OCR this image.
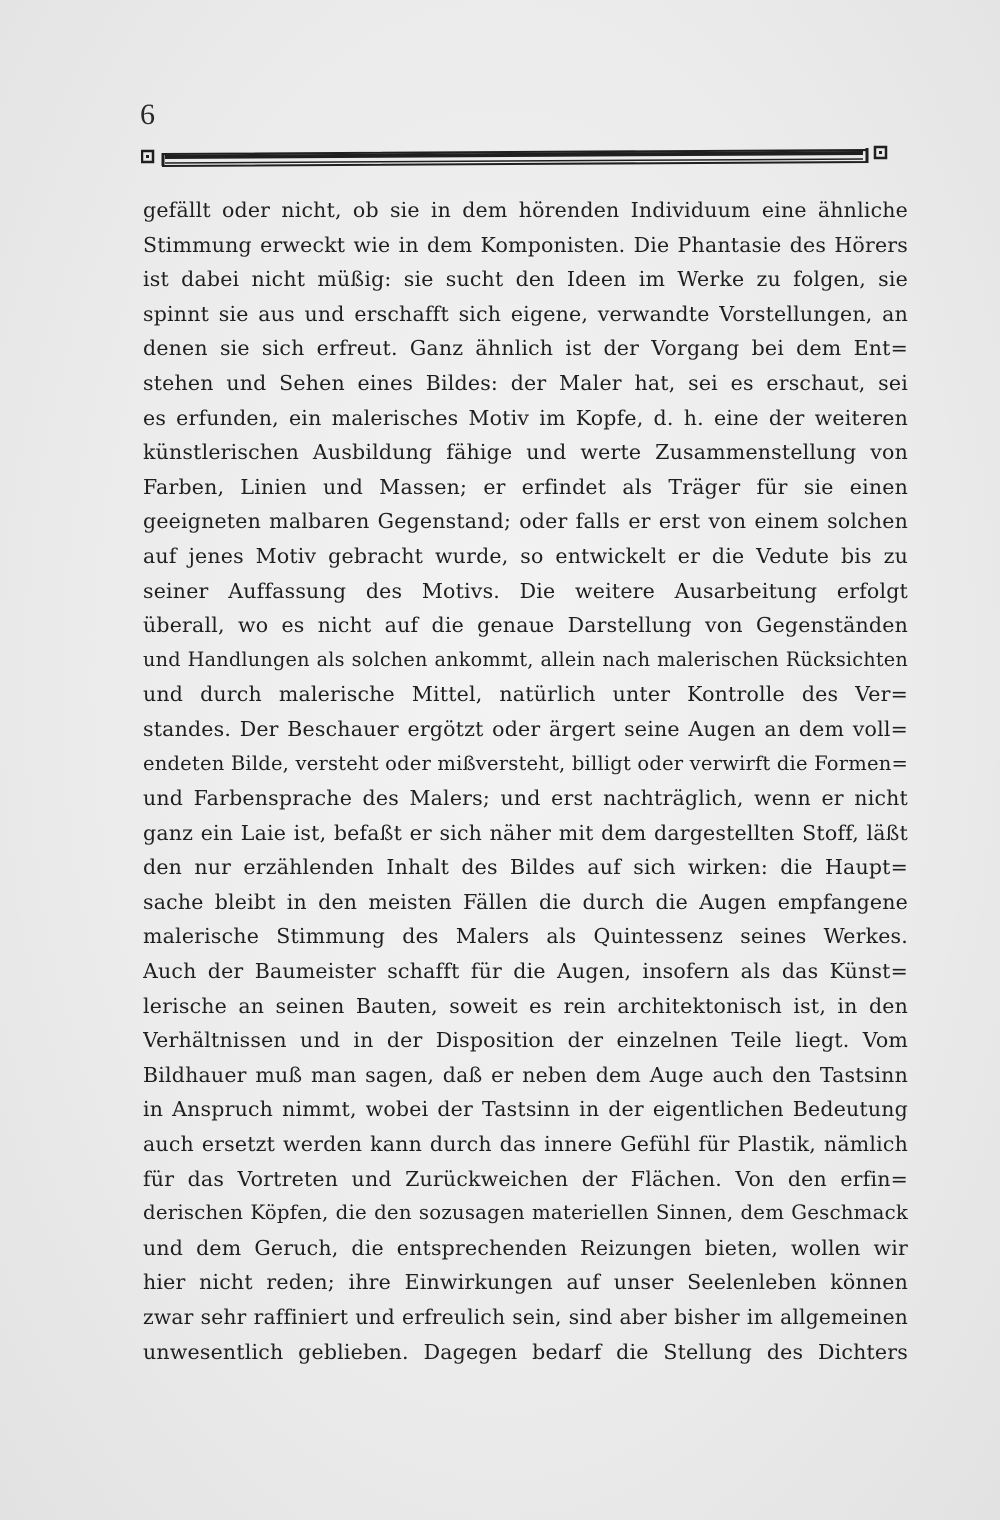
6
gefällt oder nicht, ob sie in dem hörenden Individuum eine ähnliche
Stimmung erweckt wie in dem Komponisten. Die Phantasie des Hörers
ist dabei nicht müßig: sie sucht den Ideen im Werke zu folgen, sie
spinnt sie aus und erschafft sich eigene, verwandte Vorstellungen, an
denen sie sich erfreut. Ganz ähnlich ist der Vorgang bei dem Ent=
stehen und Sehen eines Bildes: der Maler hat, sei es erschaut, sei
es erfunden, ein malerisches Motiv im Kopfe, d. h. eine der weiteren
künstlerischen Ausbildung fähige und werte Zusammenstellung von
Farben, Linien und Massen; er erfindet als Träger für sie einen
geeigneten malbaren Gegenstand; oder falls er erst von einem solchen
auf jenes Motiv gebracht wurde, so entwickelt er die Vedute bis zu
seiner Auffassung des Motivs. Die weitere Ausarbeitung erfolgt
überall, wo es nicht auf die genaue Darstellung von Gegenständen
und Handlungen als solchen ankommt, allein nach malerischen Rücksichten
und durch malerische Mittel, natürlich unter Kontrolle des Ver=
standes. Der Beschauer ergötzt oder ärgert seine Augen an dem voll=
endeten Bilde, versteht oder mißversteht, billigt oder verwirft die Formen=
und Farbensprache des Malers; und erst nachträglich, wenn er nicht
ganz ein Laie ist, befaßt er sich näher mit dem dargestellten Stoff, läßt
den nur erzählenden Inhalt des Bildes auf sich wirken: die Haupt=
sache bleibt in den meisten Fällen die durch die Augen empfangene
malerische Stimmung des Malers als Quintessenz seines Werkes.
Auch der Baumeister schafft für die Augen, insofern als das Künst=
lerische an seinen Bauten, soweit es rein architektonisch ist, in den
Verhältnissen und in der Disposition der einzelnen Teile liegt. Vom
Bildhauer muß man sagen, daß er neben dem Auge auch den Tastsinn
in Anspruch nimmt, wobei der Tastsinn in der eigentlichen Bedeutung
auch ersetzt werden kann durch das innere Gefühl für Plastik, nämlich
für das Vortreten und Zurückweichen der Flächen. Von den erfin=
derischen Köpfen, die den sozusagen materiellen Sinnen, dem Geschmack
und dem Geruch, die entsprechenden Reizungen bieten, wollen wir
hier nicht reden; ihre Einwirkungen auf unser Seelenleben können
zwar sehr raffiniert und erfreulich sein, sind aber bisher im allgemeinen
unwesentlich geblieben. Dagegen bedarf die Stellung des Dichters
